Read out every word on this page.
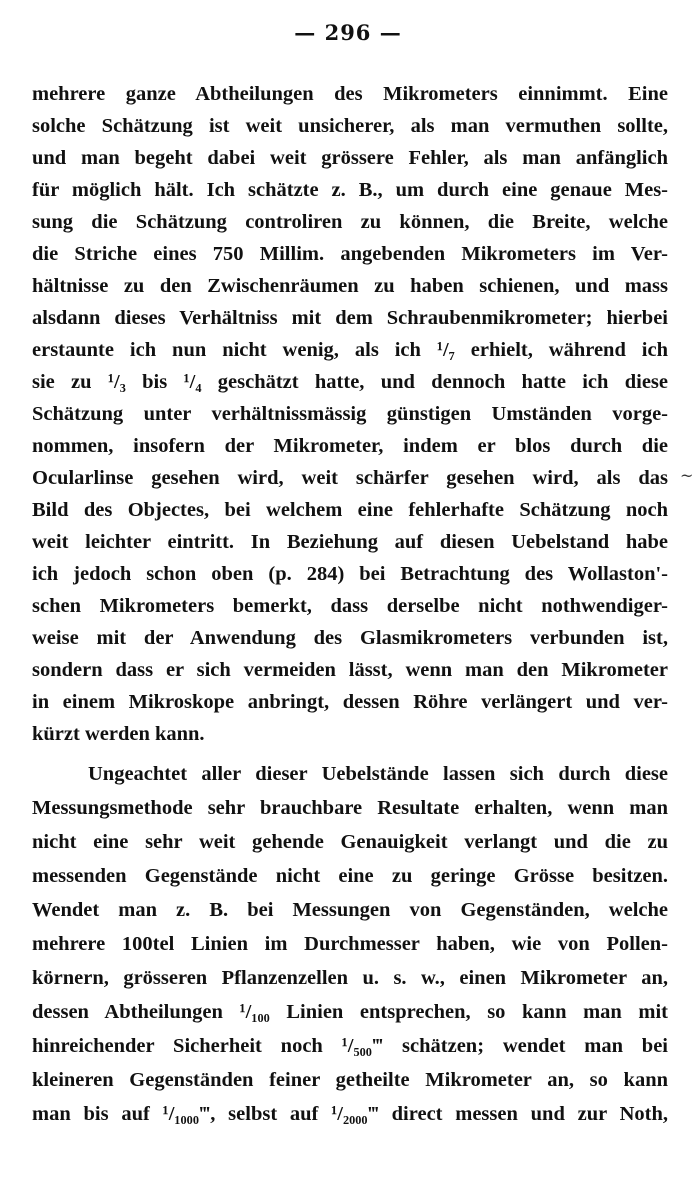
— 296 —
~
mehrere ganze Abtheilungen des Mikrometers einnimmt. Eine
solche Schätzung ist weit unsicherer, als man vermuthen sollte,
und man begeht dabei weit grössere Fehler, als man anfänglich
für möglich hält. Ich schätzte z. B., um durch eine genaue Mes-
sung die Schätzung controliren zu können, die Breite, welche
die Striche eines 750 Millim. angebenden Mikrometers im Ver-
hältnisse zu den Zwischenräumen zu haben schienen, und mass
alsdann dieses Verhältniss mit dem Schraubenmikrometer; hierbei
erstaunte ich nun nicht wenig, als ich ¹/₇ erhielt, während ich
sie zu ¹/₃ bis ¹/₄ geschätzt hatte, und dennoch hatte ich diese
Schätzung unter verhältnissmässig günstigen Umständen vorge-
nommen, insofern der Mikrometer, indem er blos durch die
Ocularlinse gesehen wird, weit schärfer gesehen wird, als das
Bild des Objectes, bei welchem eine fehlerhafte Schätzung noch
weit leichter eintritt. In Beziehung auf diesen Uebelstand habe
ich jedoch schon oben (p. 284) bei Betrachtung des Wollaston'-
schen Mikrometers bemerkt, dass derselbe nicht nothwendiger-
weise mit der Anwendung des Glasmikrometers verbunden ist,
sondern dass er sich vermeiden lässt, wenn man den Mikrometer
in einem Mikroskope anbringt, dessen Röhre verlängert und ver-
kürzt werden kann.
Ungeachtet aller dieser Uebelstände lassen sich durch diese
Messungsmethode sehr brauchbare Resultate erhalten, wenn man
nicht eine sehr weit gehende Genauigkeit verlangt und die zu
messenden Gegenstände nicht eine zu geringe Grösse besitzen.
Wendet man z. B. bei Messungen von Gegenständen, welche
mehrere 100tel Linien im Durchmesser haben, wie von Pollen-
körnern, grösseren Pflanzenzellen u. s. w., einen Mikrometer an,
dessen Abtheilungen ¹/₁₀₀ Linien entsprechen, so kann man mit
hinreichender Sicherheit noch ¹/₅₀₀‴ schätzen; wendet man bei
kleineren Gegenständen feiner getheilte Mikrometer an, so kann
man bis auf ¹/₁₀₀₀‴, selbst auf ¹/₂₀₀₀‴ direct messen und zur Noth,
